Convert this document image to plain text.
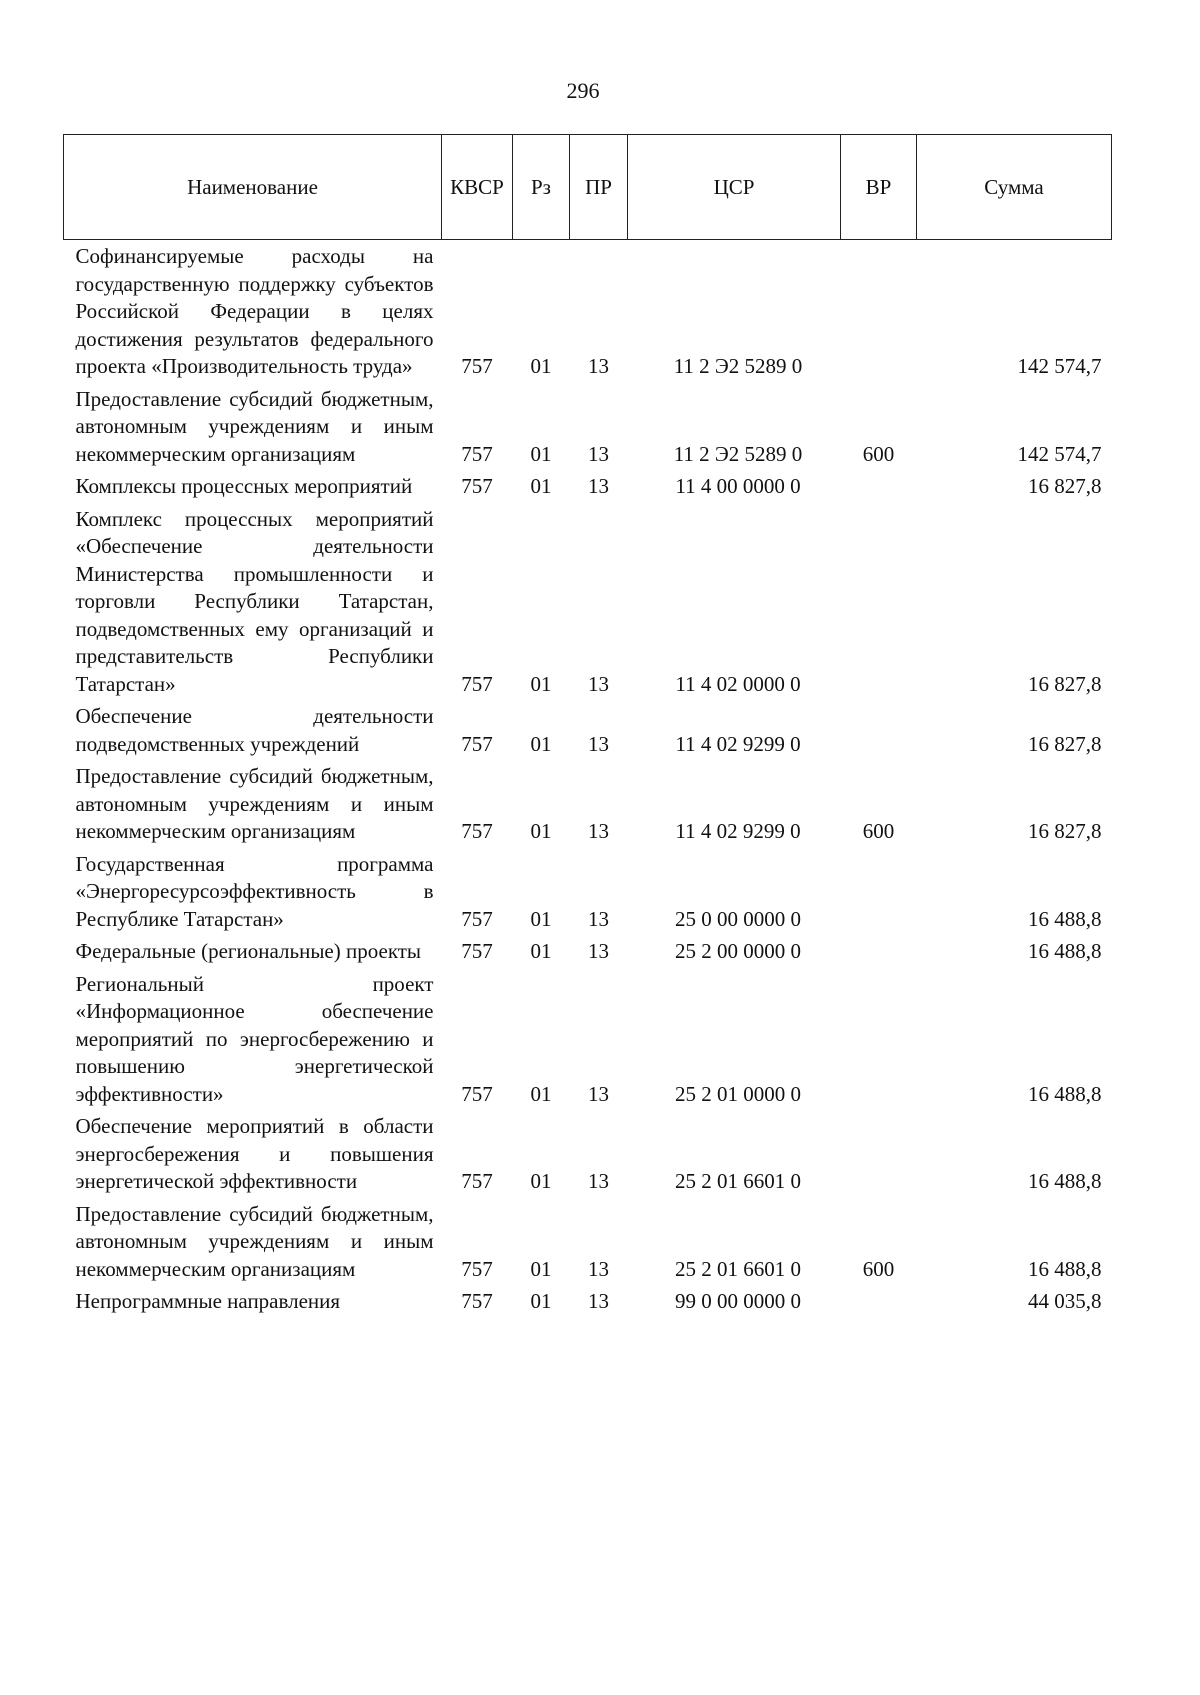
296
Наименование	КВСР	Рз	ПР	ЦСР	ВР	Сумма
Софинансируемые расходы на государственную поддержку субъектов Российской Федерации в целях достижения результатов федерального проекта «Производительность труда»	757	01	13	11 2 Э2 5289 0		142 574,7
Предоставление субсидий бюджетным, автономным учреждениям и иным некоммерческим организациям	757	01	13	11 2 Э2 5289 0	600	142 574,7
Комплексы процессных мероприятий	757	01	13	11 4 00 0000 0		16 827,8
Комплекс процессных мероприятий «Обеспечение деятельности Министерства промышленности и торговли Республики Татарстан, подведомственных ему организаций и представительств Республики Татарстан»	757	01	13	11 4 02 0000 0		16 827,8
Обеспечение деятельности подведомственных учреждений	757	01	13	11 4 02 9299 0		16 827,8
Предоставление субсидий бюджетным, автономным учреждениям и иным некоммерческим организациям	757	01	13	11 4 02 9299 0	600	16 827,8
Государственная программа «Энергоресурсоэффективность в Республике Татарстан»	757	01	13	25 0 00 0000 0		16 488,8
Федеральные (региональные) проекты	757	01	13	25 2 00 0000 0		16 488,8
Региональный проект «Информационное обеспечение мероприятий по энергосбережению и повышению энергетической эффективности»	757	01	13	25 2 01 0000 0		16 488,8
Обеспечение мероприятий в области энергосбережения и повышения энергетической эффективности	757	01	13	25 2 01 6601 0		16 488,8
Предоставление субсидий бюджетным, автономным учреждениям и иным некоммерческим организациям	757	01	13	25 2 01 6601 0	600	16 488,8
Непрограммные направления	757	01	13	99 0 00 0000 0		44 035,8
